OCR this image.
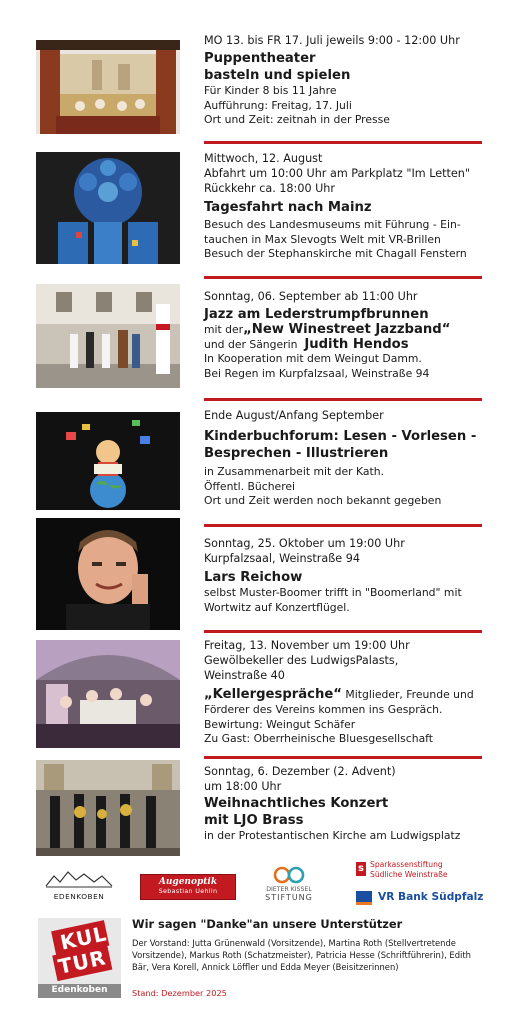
MO 13. bis FR 17. Juli jeweils 9:00 - 12:00 Uhr
Puppentheater
basteln und spielen
Für Kinder 8 bis 11 Jahre
Aufführung: Freitag, 17. Juli
Ort und Zeit: zeitnah in der Presse
Mittwoch, 12. August
Abfahrt um 10:00 Uhr am Parkplatz "Im Letten"
Rückkehr ca. 18:00 Uhr
Tagesfahrt nach Mainz
Besuch des Landesmuseums mit Führung - Ein-
tauchen in Max Slevogts Welt mit VR-Brillen
Besuch der Stephanskirche mit Chagall Fenstern
Sonntag, 06. September ab 11:00 Uhr
Jazz am Lederstrumpfbrunnen
mit der„New Winestreet Jazzband“
und der Sängerin Judith Hendos
In Kooperation mit dem Weingut Damm.
Bei Regen im Kurpfalzsaal, Weinstraße 94
Ende August/Anfang September
Kinderbuchforum: Lesen - Vorlesen -
Besprechen - Illustrieren
in Zusammenarbeit mit der Kath.
Öffentl. Bücherei
Ort und Zeit werden noch bekannt gegeben
Sonntag, 25. Oktober um 19:00 Uhr
Kurpfalzsaal, Weinstraße 94
Lars Reichow
selbst Muster-Boomer trifft in "Boomerland" mit
Wortwitz auf Konzertflügel.
Freitag, 13. November um 19:00 Uhr
Gewölbekeller des LudwigsPalasts,
Weinstraße 40
„Kellergespräche“ Mitglieder, Freunde und
Förderer des Vereins kommen ins Gespräch.
Bewirtung: Weingut Schäfer
Zu Gast: Oberrheinische Bluesgesellschaft
Sonntag, 6. Dezember (2. Advent)
um 18:00 Uhr
Weihnachtliches Konzert
mit LJO Brass
in der Protestantischen Kirche am Ludwigsplatz
EDENKOBEN
Augenoptik
Sebastian Uehlin	DIETER KISSEL
STIFTUNG
s Sparkassenstiftung
Südliche Weinstraße
VR Bank Südpfalz
KUL
TUR
Edenkoben
Wir sagen "Danke"an unsere Unterstützer
Der Vorstand: Jutta Grünenwald (Vorsitzende), Martina Roth (Stellvertretende
Vorsitzende), Markus Roth (Schatzmeister), Patricia Hesse (Schriftführerin), Edith
Bär, Vera Korell, Annick Löffler und Edda Meyer (Beisitzerinnen)
Stand: Dezember 2025
